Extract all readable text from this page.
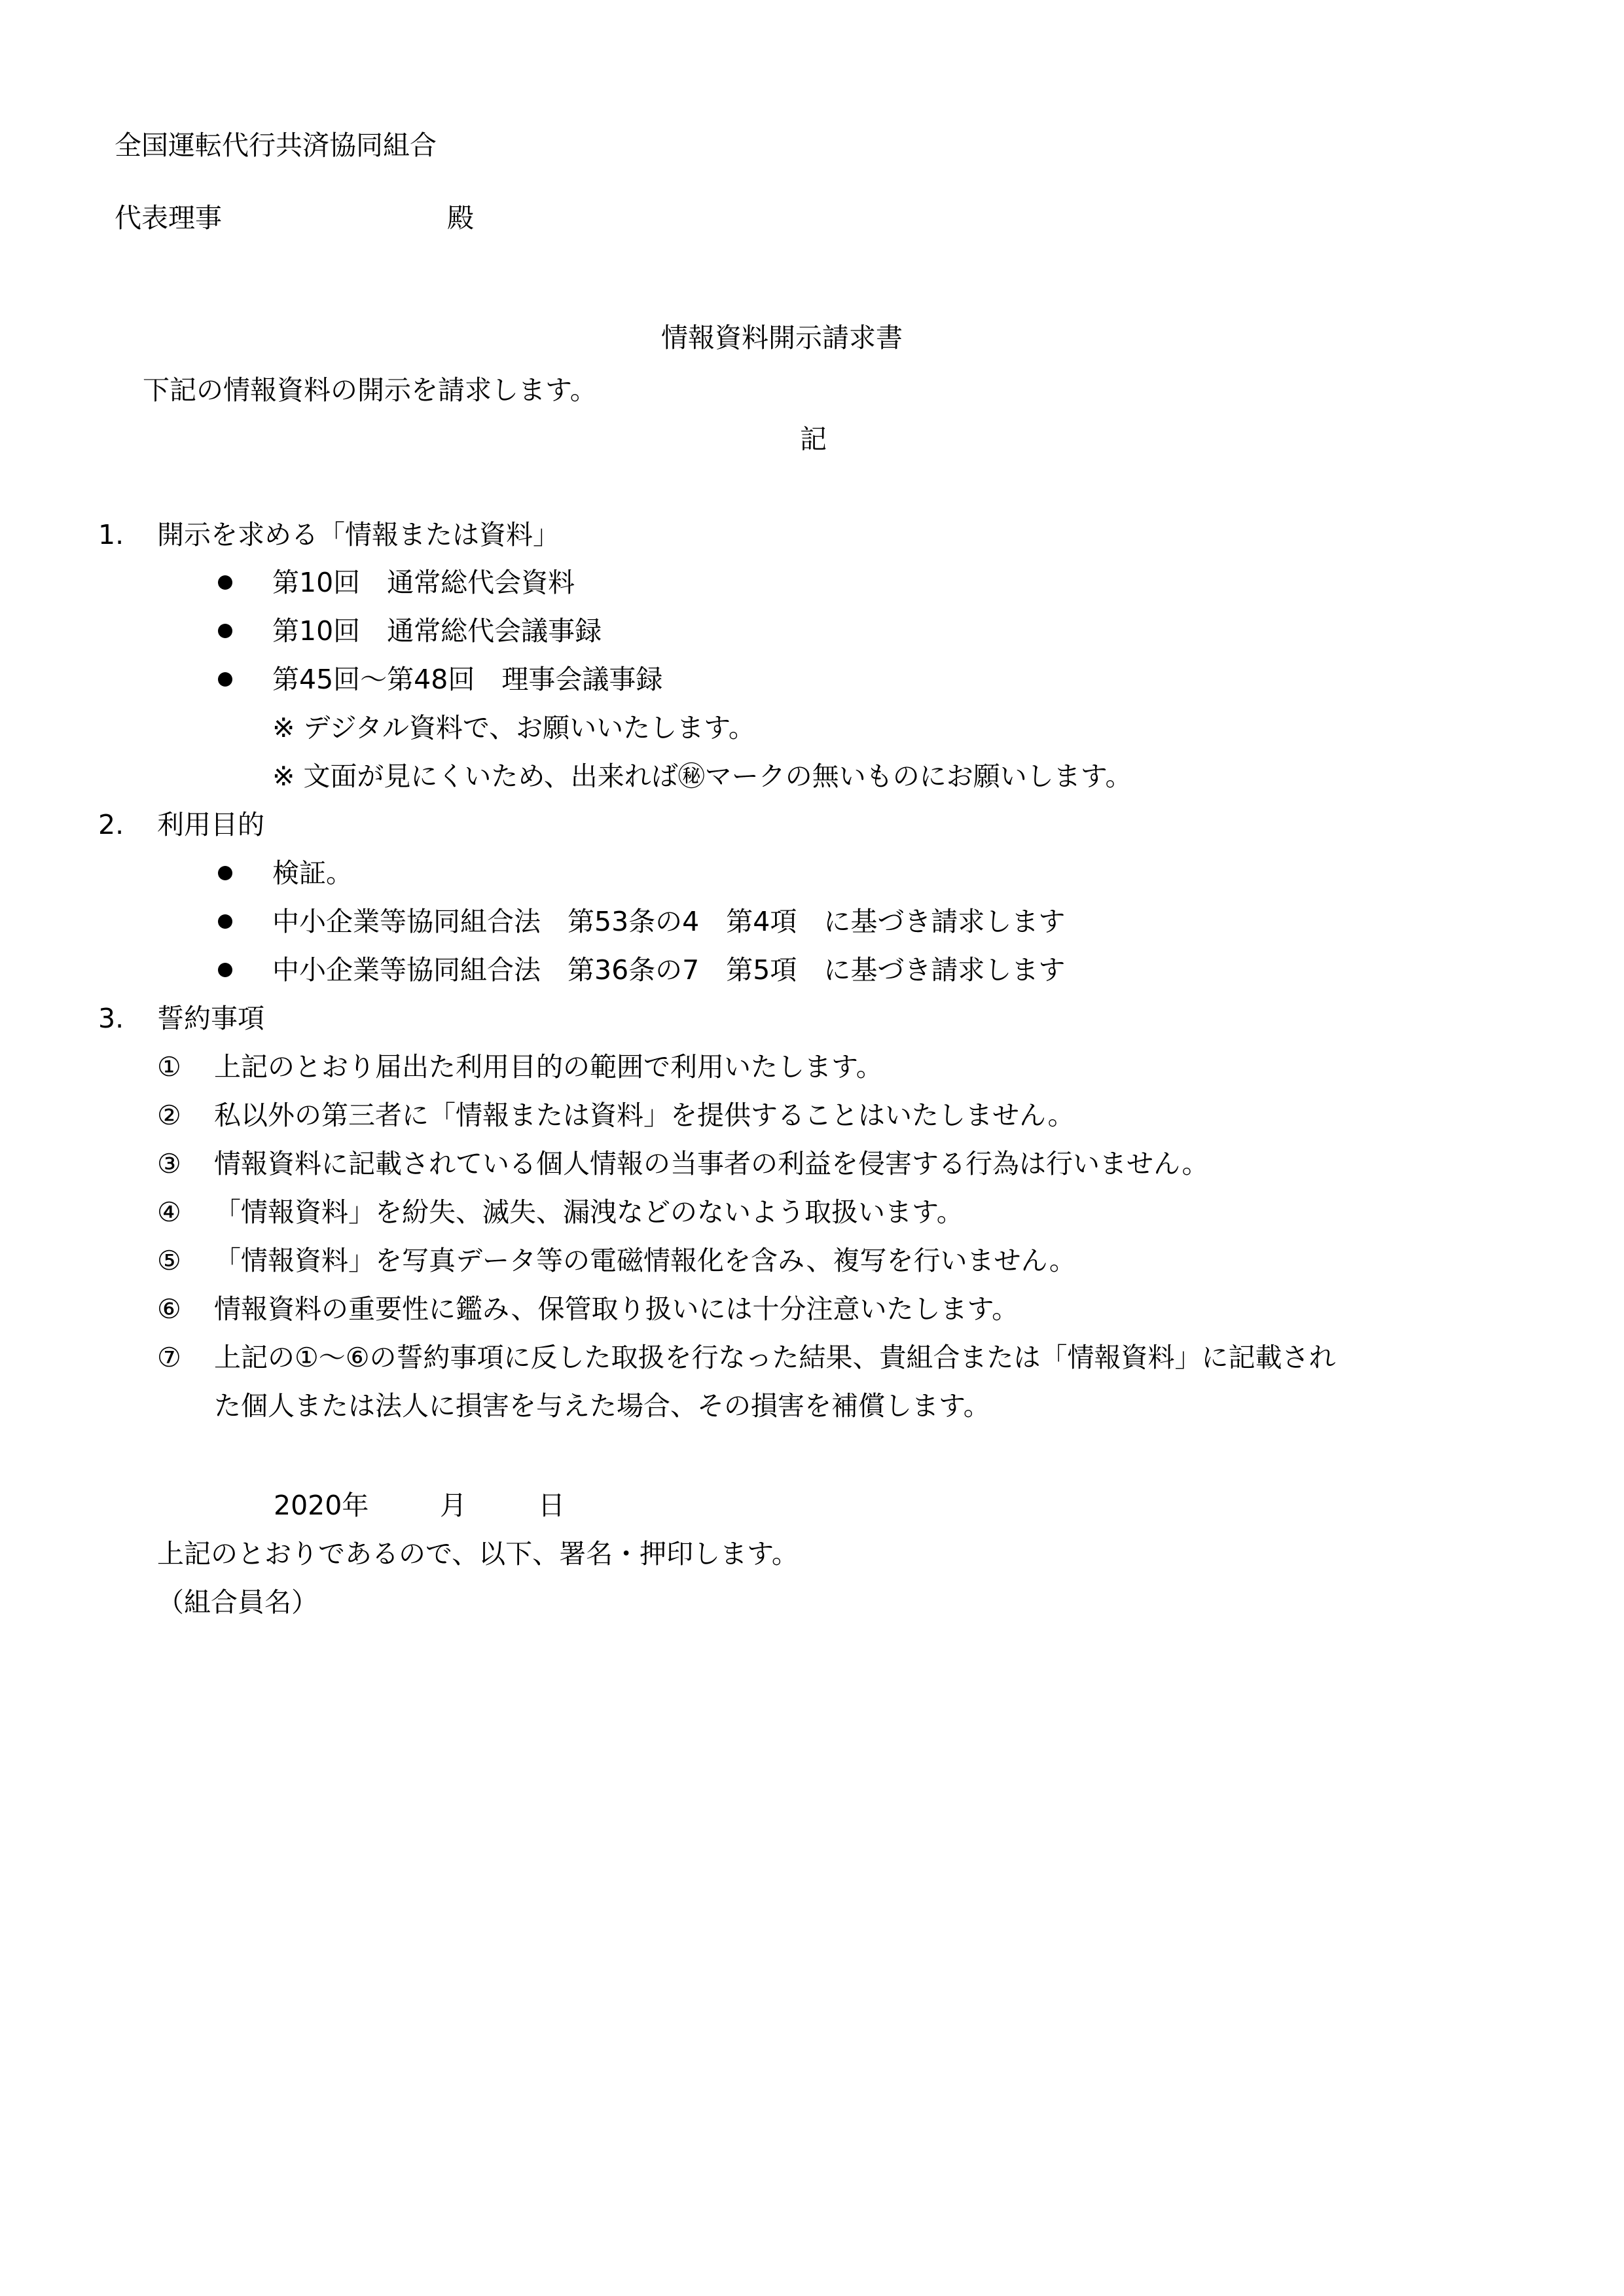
全国運転代行共済協同組合
代表理事	殿
情報資料開示請求書
下記の情報資料の開示を請求します。
記
1. 開示を求める「情報または資料」
第10回　通常総代会資料
第10回　通常総代会議事録
第45回～第48回　理事会議事録
※ デジタル資料で、お願いいたします。
※ 文面が見にくいため、出来れば㊙マークの無いものにお願いします。
2. 利用目的
検証。
中小企業等協同組合法　第53条の4　第4項　に基づき請求します
中小企業等協同組合法　第36条の7　第5項　に基づき請求します
3. 誓約事項
① 上記のとおり届出た利用目的の範囲で利用いたします。
② 私以外の第三者に「情報または資料」を提供することはいたしません。
③ 情報資料に記載されている個人情報の当事者の利益を侵害する行為は行いません。
④ 「情報資料」を紛失、滅失、漏洩などのないよう取扱います。
⑤ 「情報資料」を写真データ等の電磁情報化を含み、複写を行いません。
⑥ 情報資料の重要性に鑑み、保管取り扱いには十分注意いたします。
⑦ 上記の①～⑥の誓約事項に反した取扱を行なった結果、貴組合または「情報資料」に記載され
た個人または法人に損害を与えた場合、その損害を補償します。
2020年	月	日
上記のとおりであるので、以下、署名・押印します。
（組合員名）
